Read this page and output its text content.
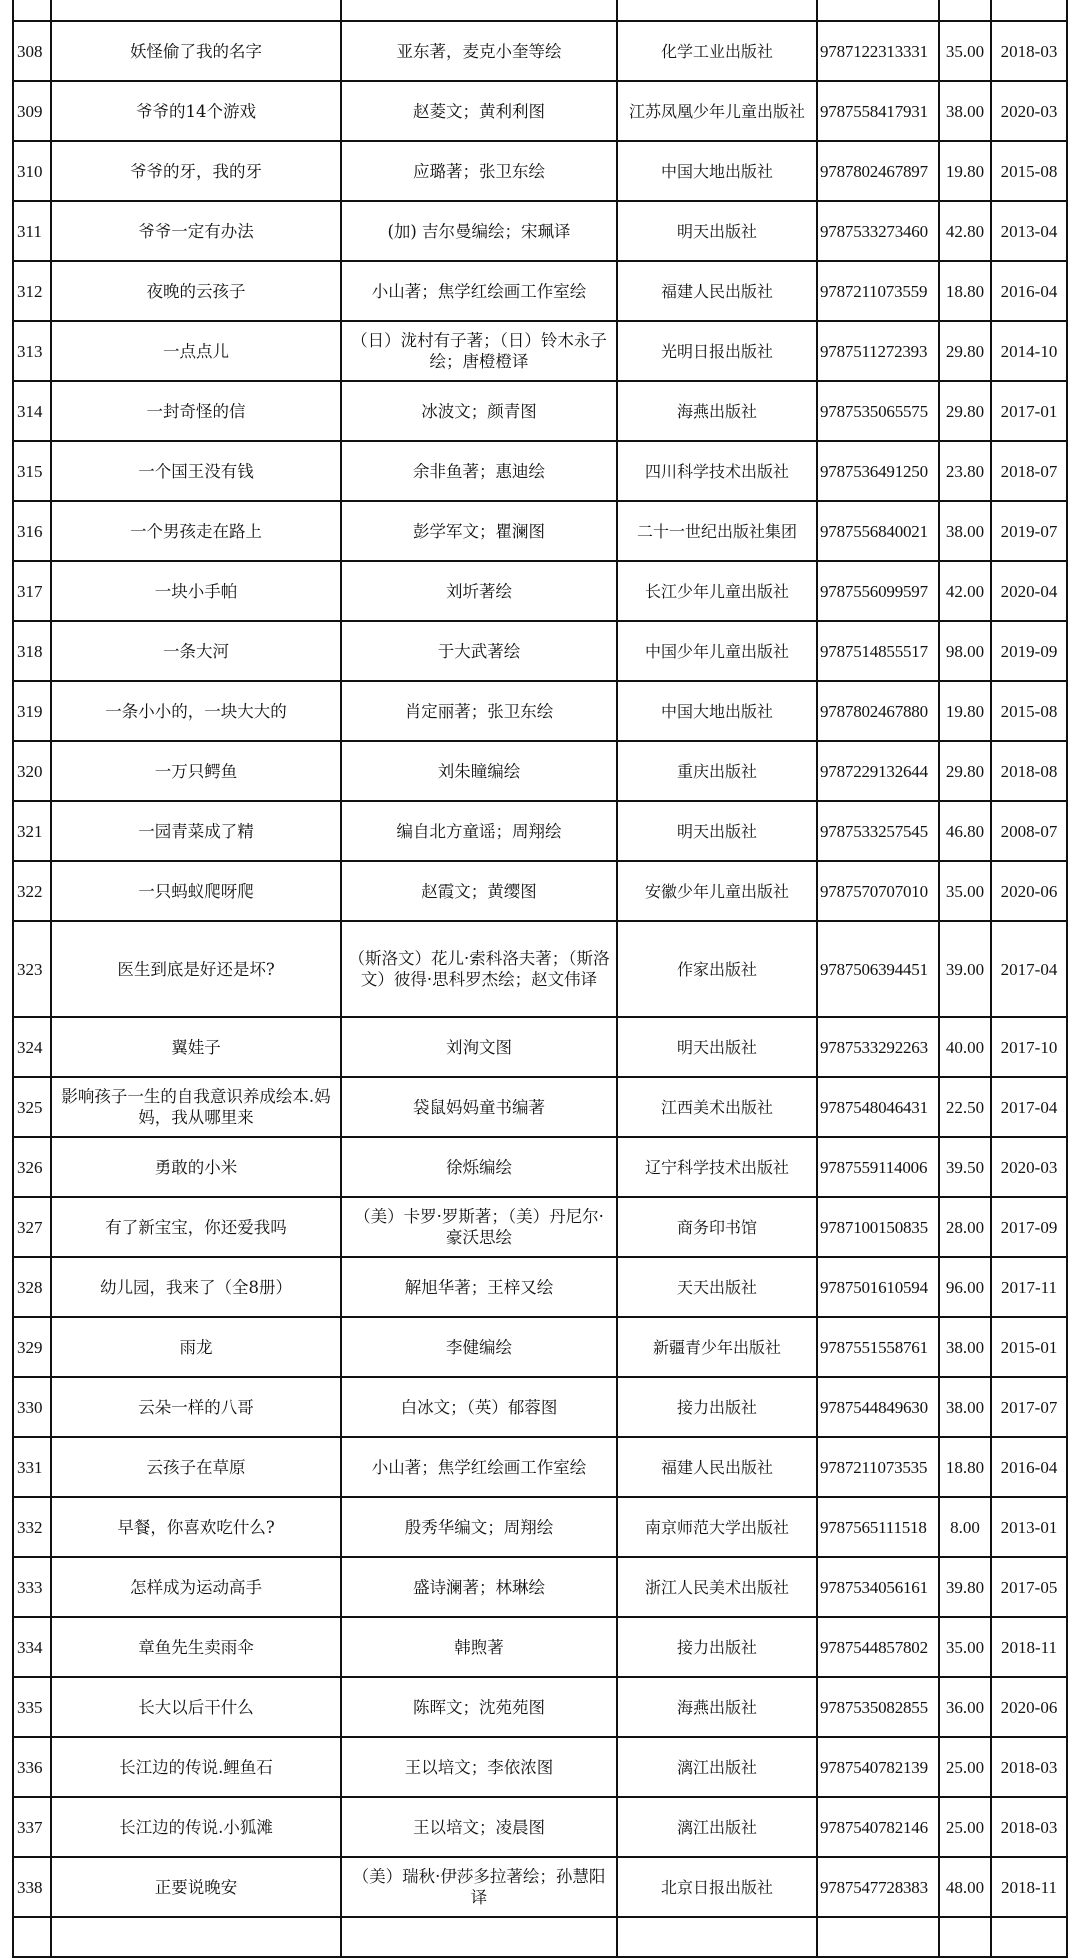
308	妖怪偷了我的名字	亚东著，麦克小奎等绘	化学工业出版社	9787122313331	35.00	2018-03
309	爷爷的14个游戏	赵菱文；黄利利图	江苏凤凰少年儿童出版社	9787558417931	38.00	2020-03
310	爷爷的牙，我的牙	应璐著；张卫东绘	中国大地出版社	9787802467897	19.80	2015-08
311	爷爷一定有办法	(加) 吉尔曼编绘；宋珮译	明天出版社	9787533273460	42.80	2013-04
312	夜晚的云孩子	小山著；焦学红绘画工作室绘	福建人民出版社	9787211073559	18.80	2016-04
313	一点点儿	（日）泷村有子著；（日）铃木永子绘；唐橙橙译	光明日报出版社	9787511272393	29.80	2014-10
314	一封奇怪的信	冰波文；颜青图	海燕出版社	9787535065575	29.80	2017-01
315	一个国王没有钱	余非鱼著；惠迪绘	四川科学技术出版社	9787536491250	23.80	2018-07
316	一个男孩走在路上	彭学军文；瞿澜图	二十一世纪出版社集团	9787556840021	38.00	2019-07
317	一块小手帕	刘圻著绘	长江少年儿童出版社	9787556099597	42.00	2020-04
318	一条大河	于大武著绘	中国少年儿童出版社	9787514855517	98.00	2019-09
319	一条小小的，一块大大的	肖定丽著；张卫东绘	中国大地出版社	9787802467880	19.80	2015-08
320	一万只鳄鱼	刘朱瞳编绘	重庆出版社	9787229132644	29.80	2018-08
321	一园青菜成了精	编自北方童谣；周翔绘	明天出版社	9787533257545	46.80	2008-07
322	一只蚂蚁爬呀爬	赵霞文；黄缨图	安徽少年儿童出版社	9787570707010	35.00	2020-06
323	医生到底是好还是坏?	（斯洛文）花儿·索科洛夫著；（斯洛文）彼得·思科罗杰绘；赵文伟译	作家出版社	9787506394451	39.00	2017-04
324	翼娃子	刘洵文图	明天出版社	9787533292263	40.00	2017-10
325	影响孩子一生的自我意识养成绘本.妈妈，我从哪里来	袋鼠妈妈童书编著	江西美术出版社	9787548046431	22.50	2017-04
326	勇敢的小米	徐烁编绘	辽宁科学技术出版社	9787559114006	39.50	2020-03
327	有了新宝宝，你还爱我吗	（美）卡罗·罗斯著；（美）丹尼尔·豪沃思绘	商务印书馆	9787100150835	28.00	2017-09
328	幼儿园，我来了（全8册）	解旭华著；王梓又绘	天天出版社	9787501610594	96.00	2017-11
329	雨龙	李健编绘	新疆青少年出版社	9787551558761	38.00	2015-01
330	云朵一样的八哥	白冰文；（英）郁蓉图	接力出版社	9787544849630	38.00	2017-07
331	云孩子在草原	小山著；焦学红绘画工作室绘	福建人民出版社	9787211073535	18.80	2016-04
332	早餐，你喜欢吃什么?	殷秀华编文；周翔绘	南京师范大学出版社	9787565111518	8.00	2013-01
333	怎样成为运动高手	盛诗澜著；林琳绘	浙江人民美术出版社	9787534056161	39.80	2017-05
334	章鱼先生卖雨伞	韩煦著	接力出版社	9787544857802	35.00	2018-11
335	长大以后干什么	陈晖文；沈苑苑图	海燕出版社	9787535082855	36.00	2020-06
336	长江边的传说.鲤鱼石	王以培文；李依浓图	漓江出版社	9787540782139	25.00	2018-03
337	长江边的传说.小狐滩	王以培文；凌晨图	漓江出版社	9787540782146	25.00	2018-03
338	正要说晚安	（美）瑞秋·伊莎多拉著绘；孙慧阳译	北京日报出版社	9787547728383	48.00	2018-11
